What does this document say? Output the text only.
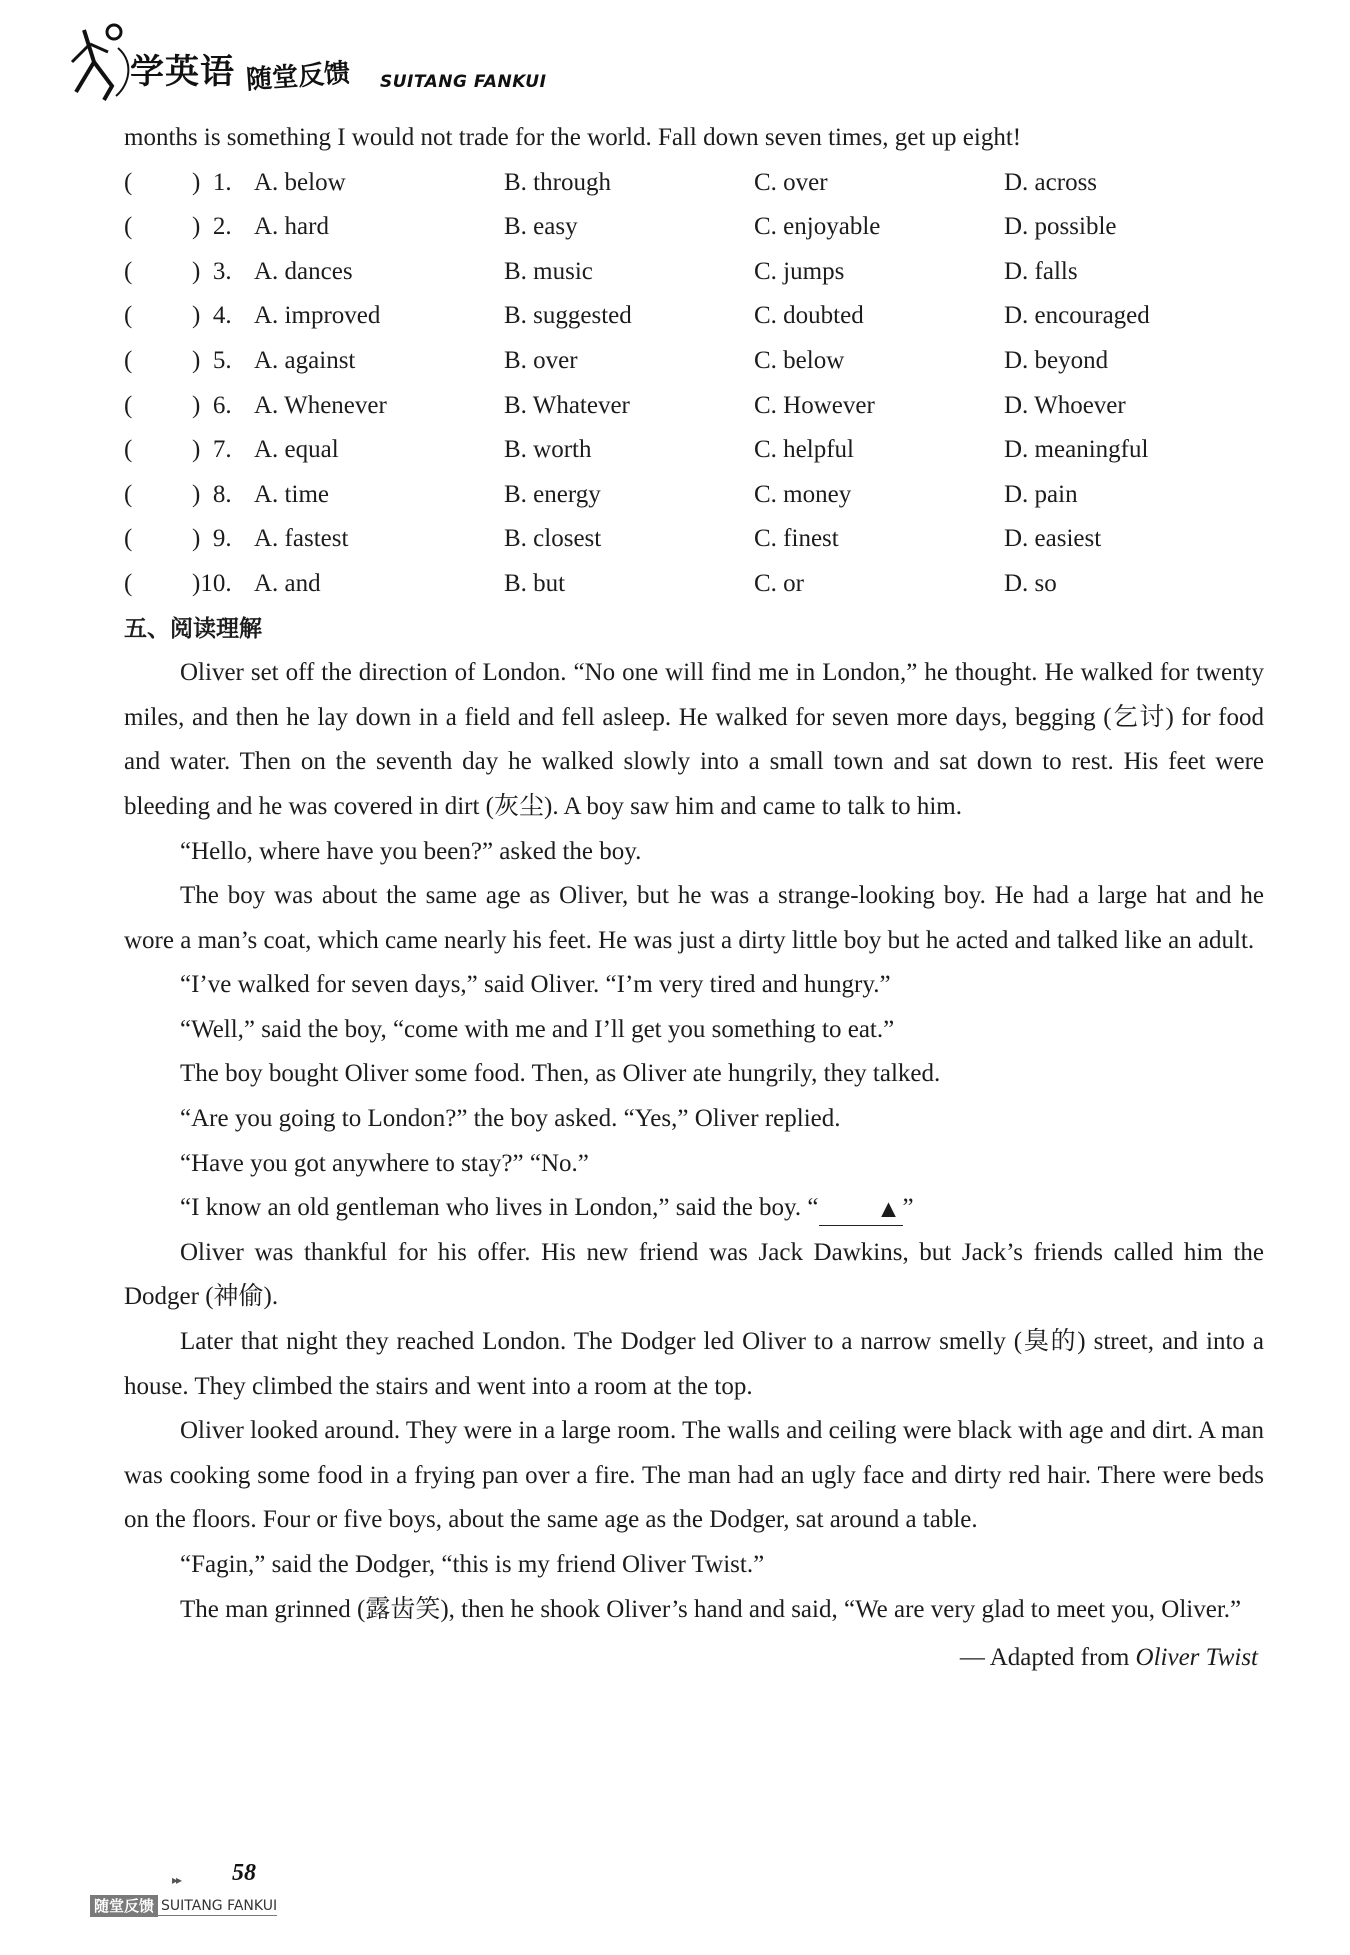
学英语 随堂反馈 SUITANG FANKUI
months is something I would not trade for the world. Fall down seven times, get up eight!
( )  1. A. below	B. through	C. over	D. across
( )  2. A. hard	B. easy	C. enjoyable	D. possible
( )  3. A. dances	B. music	C. jumps	D. falls
( )  4. A. improved	B. suggested	C. doubted	D. encouraged
( )  5. A. against	B. over	C. below	D. beyond
( )  6. A. Whenever	B. Whatever	C. However	D. Whoever
( )  7. A. equal	B. worth	C. helpful	D. meaningful
( )  8. A. time	B. energy	C. money	D. pain
( )  9. A. fastest	B. closest	C. finest	D. easiest
( )10. A. and	B. but	C. or	D. so
五、阅读理解

Oliver set off the direction of London. “No one will find me in London,” he thought. He walked for twenty miles, and then he lay down in a field and fell asleep. He walked for seven more days, begging (乞讨) for food and water. Then on the seventh day he walked slowly into a small town and sat down to rest. His feet were bleeding and he was covered in dirt (灰尘). A boy saw him and came to talk to him.

“Hello, where have you been?” asked the boy.

The boy was about the same age as Oliver, but he was a strange-looking boy. He had a large hat and he wore a man’s coat, which came nearly his feet. He was just a dirty little boy but he acted and talked like an adult.

“I’ve walked for seven days,” said Oliver. “I’m very tired and hungry.”

“Well,” said the boy, “come with me and I’ll get you something to eat.”

The boy bought Oliver some food. Then, as Oliver ate hungrily, they talked.

“Are you going to London?” the boy asked. “Yes,” Oliver replied.

“Have you got anywhere to stay?” “No.”

“I know an old gentleman who lives in London,” said the boy. “ ▲”

Oliver was thankful for his offer. His new friend was Jack Dawkins, but Jack’s friends called him the Dodger (神偷).

Later that night they reached London. The Dodger led Oliver to a narrow smelly (臭的) street, and into a house. They climbed the stairs and went into a room at the top.

Oliver looked around. They were in a large room. The walls and ceiling were black with age and dirt. A man was cooking some food in a frying pan over a fire. The man had an ugly face and dirty red hair. There were beds on the floors. Four or five boys, about the same age as the Dodger, sat around a table.

“Fagin,” said the Dodger, “this is my friend Oliver Twist.”

The man grinned (露齿笑), then he shook Oliver’s hand and said, “We are very glad to meet you, Oliver.”

— Adapted from Oliver Twist
▸▸ 58
随堂反馈 SUITANG FANKUI
